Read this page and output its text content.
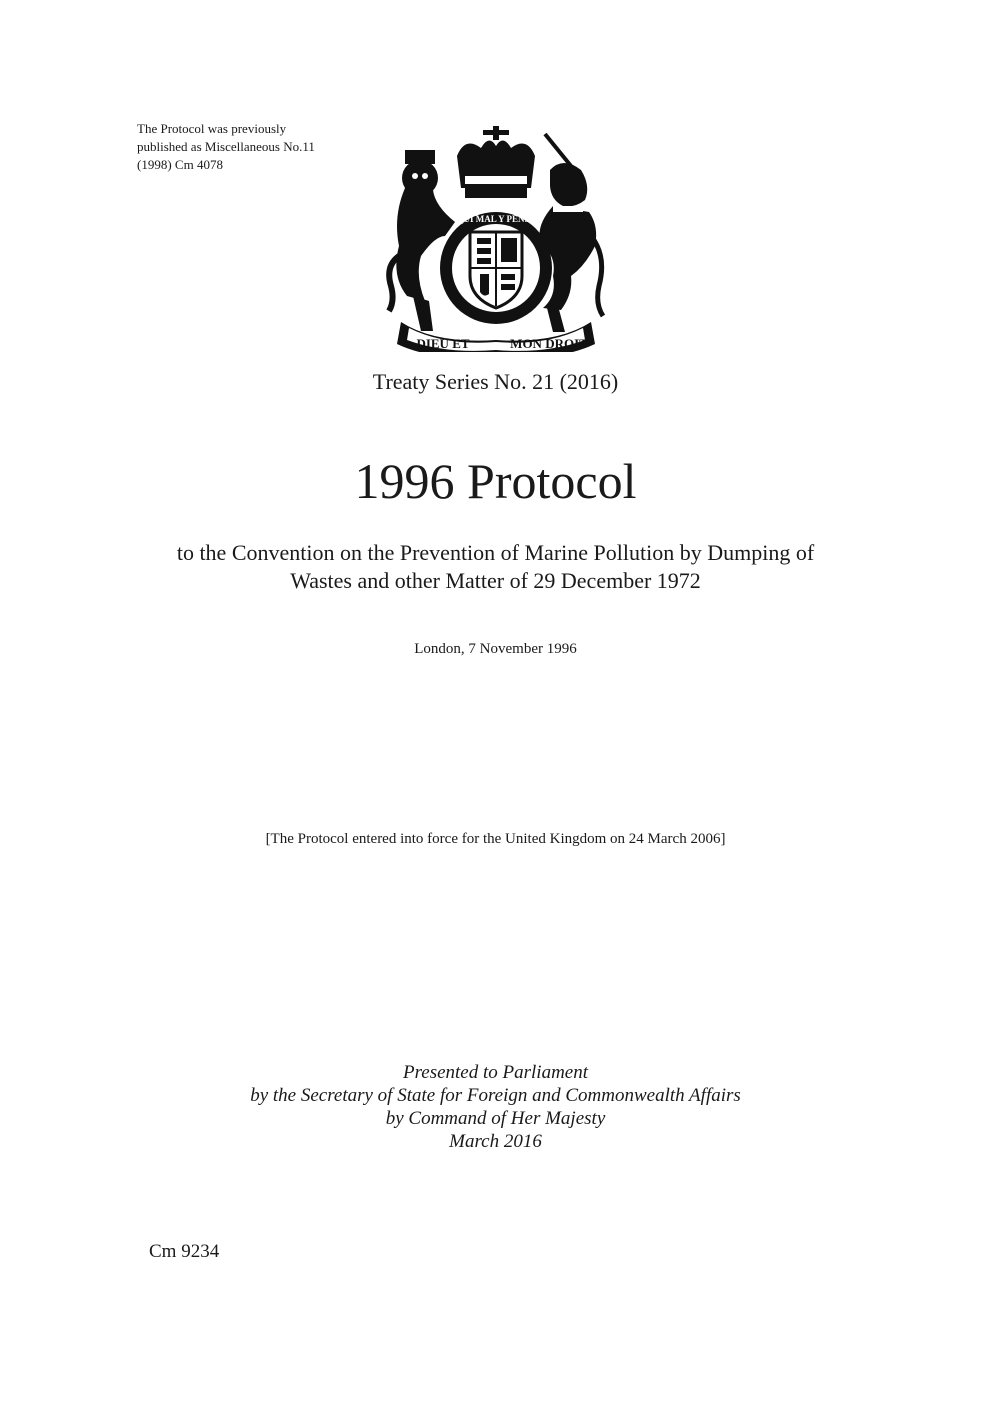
The Protocol was previously
published as Miscellaneous No.11
(1998) Cm 4078
DIEU ET	MON DROIT
QUI MAL Y PENSE
Treaty Series No. 21 (2016)
1996 Protocol
to the Convention on the Prevention of Marine Pollution by Dumping of
Wastes and other Matter of 29 December 1972
London, 7 November 1996
[The Protocol entered into force for the United Kingdom on 24 March 2006]
Presented to Parliament
by the Secretary of State for Foreign and Commonwealth Affairs
by Command of Her Majesty
March 2016
Cm 9234
